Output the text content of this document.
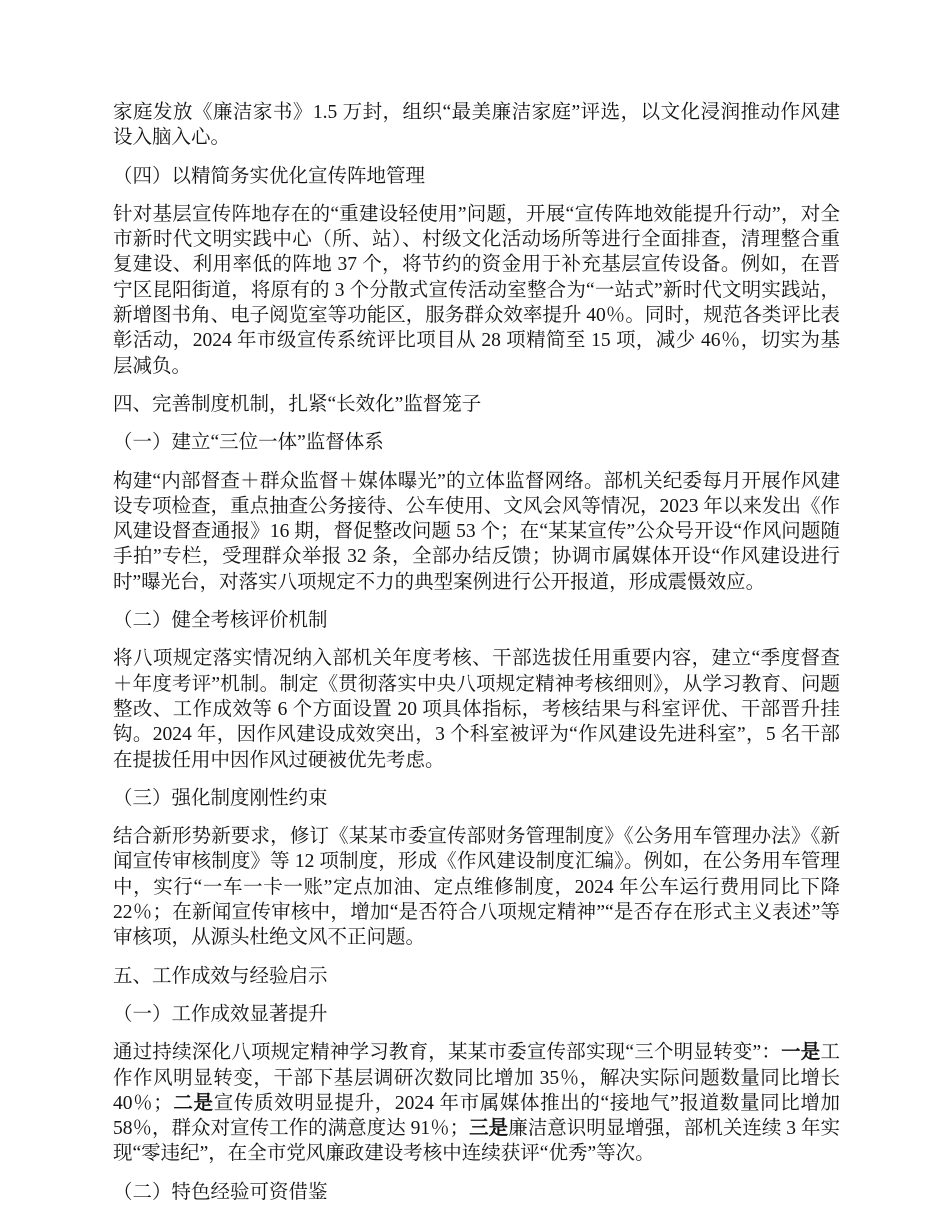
家庭发放《廉洁家书》1.5 万封，组织“最美廉洁家庭”评选，以文化浸润推动作风建设入脑入心。

（四）以精简务实优化宣传阵地管理

针对基层宣传阵地存在的“重建设轻使用”问题，开展“宣传阵地效能提升行动”，对全市新时代文明实践中心（所、站）、村级文化活动场所等进行全面排查，清理整合重复建设、利用率低的阵地 37 个，将节约的资金用于补充基层宣传设备。例如，在晋宁区昆阳街道，将原有的 3 个分散式宣传活动室整合为“一站式”新时代文明实践站，新增图书角、电子阅览室等功能区，服务群众效率提升 40％。同时，规范各类评比表彰活动，2024 年市级宣传系统评比项目从 28 项精简至 15 项，减少 46％，切实为基层减负。

四、完善制度机制，扎紧“长效化”监督笼子

（一）建立“三位一体”监督体系

构建“内部督查＋群众监督＋媒体曝光”的立体监督网络。部机关纪委每月开展作风建设专项检查，重点抽查公务接待、公车使用、文风会风等情况，2023 年以来发出《作风建设督查通报》16 期，督促整改问题 53 个；在“某某宣传”公众号开设“作风问题随手拍”专栏，受理群众举报 32 条，全部办结反馈；协调市属媒体开设“作风建设进行时”曝光台，对落实八项规定不力的典型案例进行公开报道，形成震慑效应。

（二）健全考核评价机制

将八项规定落实情况纳入部机关年度考核、干部选拔任用重要内容，建立“季度督查＋年度考评”机制。制定《贯彻落实中央八项规定精神考核细则》，从学习教育、问题整改、工作成效等 6 个方面设置 20 项具体指标，考核结果与科室评优、干部晋升挂钩。2024 年，因作风建设成效突出，3 个科室被评为“作风建设先进科室”，5 名干部在提拔任用中因作风过硬被优先考虑。

（三）强化制度刚性约束

结合新形势新要求，修订《某某市委宣传部财务管理制度》《公务用车管理办法》《新闻宣传审核制度》等 12 项制度，形成《作风建设制度汇编》。例如，在公务用车管理中，实行“一车一卡一账”定点加油、定点维修制度，2024 年公车运行费用同比下降 22％；在新闻宣传审核中，增加“是否符合八项规定精神”“是否存在形式主义表述”等审核项，从源头杜绝文风不正问题。

五、工作成效与经验启示

（一）工作成效显著提升

通过持续深化八项规定精神学习教育，某某市委宣传部实现“三个明显转变”：一是工作作风明显转变，干部下基层调研次数同比增加 35％，解决实际问题数量同比增长 40％；二是宣传质效明显提升，2024 年市属媒体推出的“接地气”报道数量同比增加 58％，群众对宣传工作的满意度达 91％；三是廉洁意识明显增强，部机关连续 3 年实现“零违纪”，在全市党风廉政建设考核中连续获评“优秀”等次。

（二）特色经验可资借鉴
